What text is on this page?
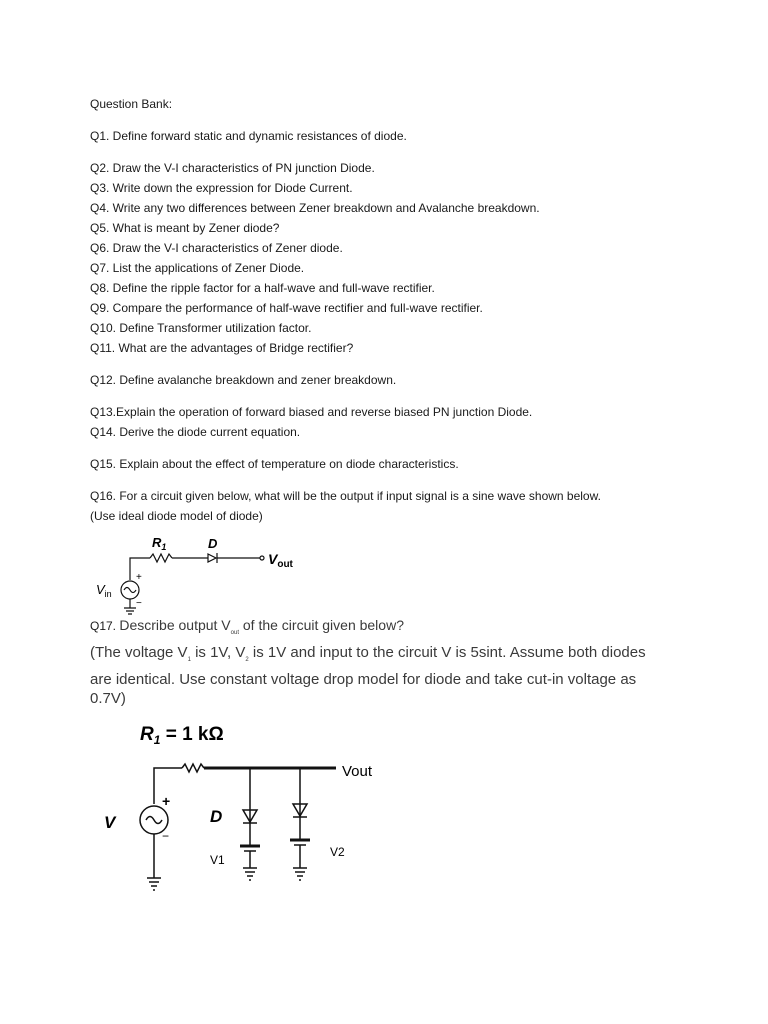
Question Bank:
Q1. Define forward static and dynamic resistances of diode.
Q2. Draw the V-I characteristics of PN junction Diode.
Q3. Write down the expression for Diode Current.
Q4. Write any two differences between Zener breakdown and Avalanche breakdown.
Q5. What is meant by Zener diode?
Q6. Draw the V-I characteristics of Zener diode.
Q7. List the applications of Zener Diode.
Q8. Define the ripple factor for a half-wave and full-wave rectifier.
Q9. Compare the performance of half-wave rectifier and full-wave rectifier.
Q10. Define Transformer utilization factor.
Q11. What are the advantages of Bridge rectifier?
Q12. Define avalanche breakdown and zener breakdown.
Q13.Explain the operation of forward biased and reverse biased PN junction Diode.
Q14. Derive the diode current equation.
Q15. Explain about the effect of temperature on diode characteristics.
Q16. For a circuit given below, what will be the output if input signal is a sine wave shown below.
(Use ideal diode model of diode)
$R_1$	D
$V_{out}$
$V_{in}$
+
−
Q17. Describe output $V_{out}$ of the circuit given below?
(The voltage $V_1$ is 1V, $V_2$ is 1V and input to the circuit V is 5sint. Assume both diodes are identical. Use constant voltage drop model for diode and take cut-in voltage as 0.7V)
$R_1 = 1$ kΩ
Vout
V	D
V1
V2
+
−
